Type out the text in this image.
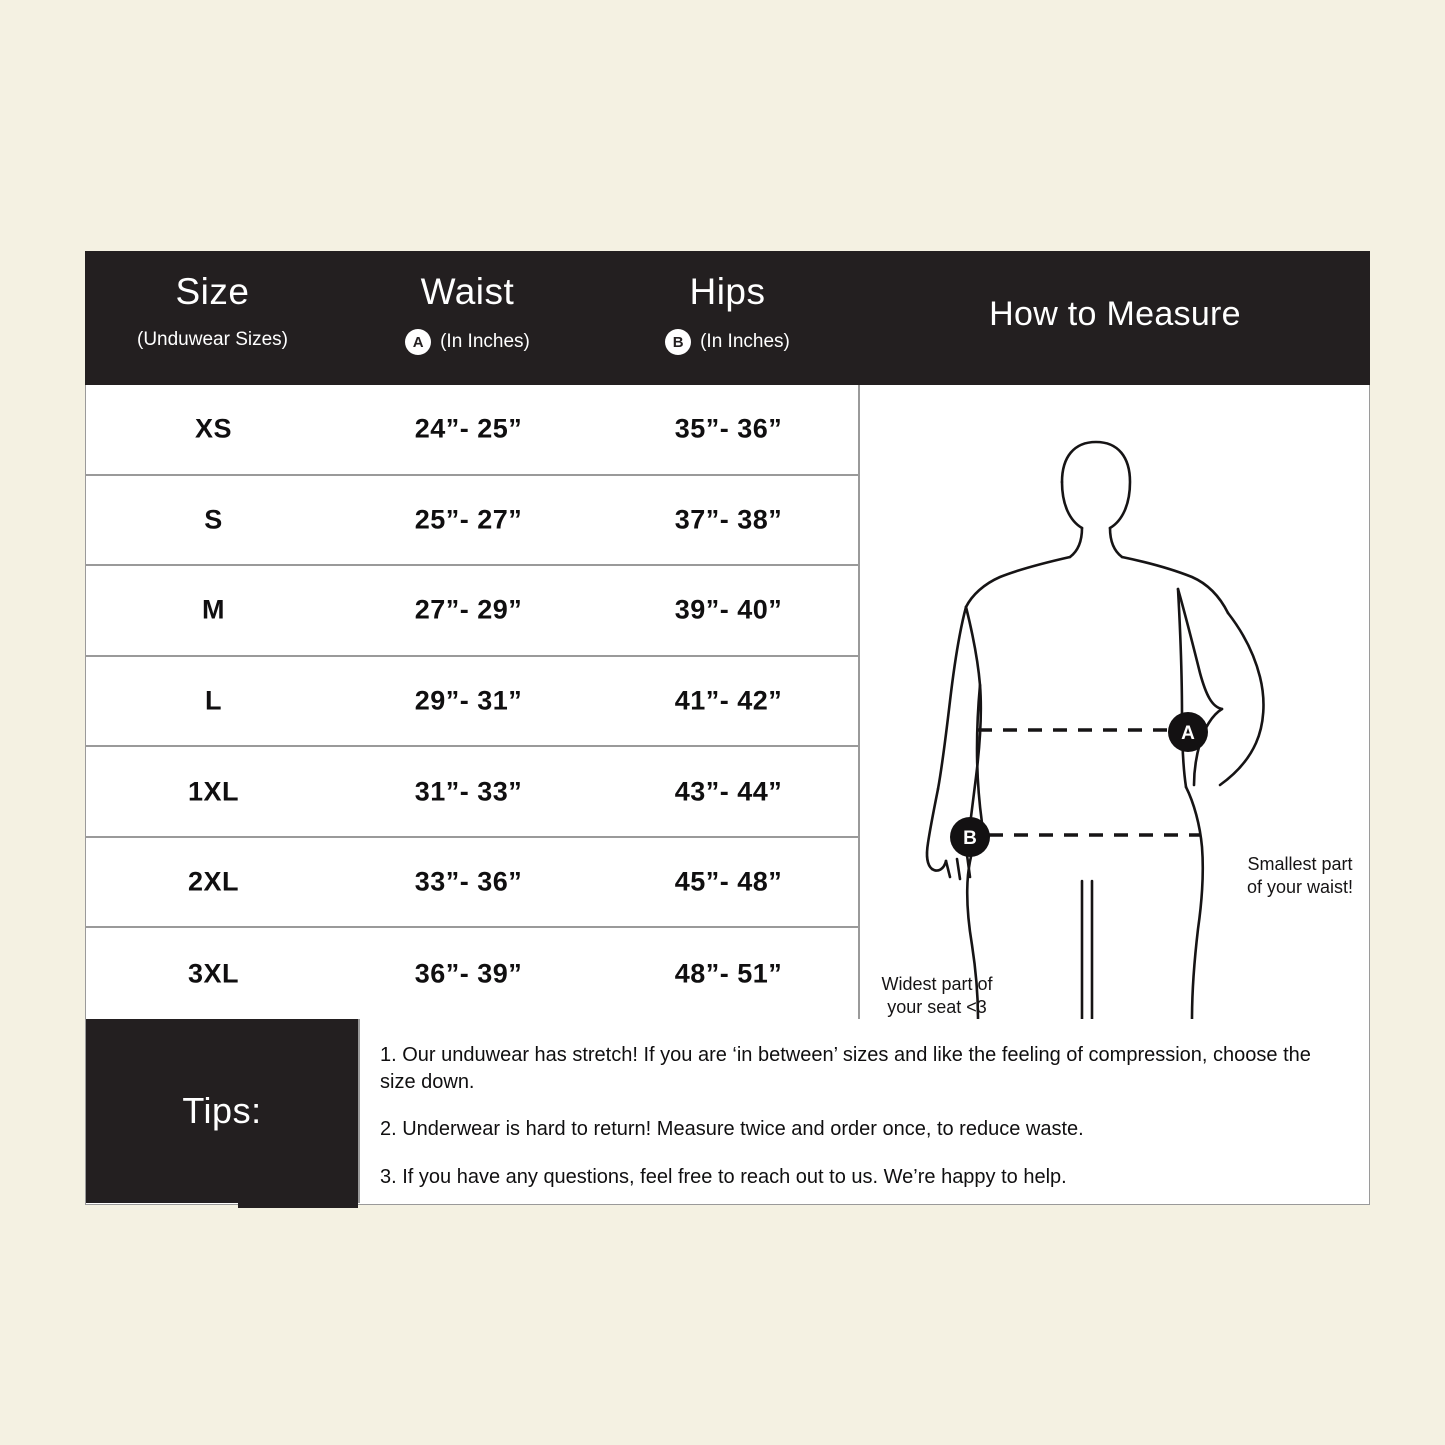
Size
(Unduwear Sizes)
Waist
A (In Inches)
Hips
B (In Inches)
How to Measure
XS	24”- 25”	35”- 36”
S	25”- 27”	37”- 38”
M	27”- 29”	39”- 40”
L	29”- 31”	41”- 42”
1XL	31”- 33”	43”- 44”
2XL	33”- 36”	45”- 48”
3XL	36”- 39”	48”- 51”
A
B
Smallest part of your waist!
Widest part of your seat <3
Tips:
1. Our unduwear has stretch! If you are ‘in between’ sizes and like the feeling of compression, choose the size down.
2. Underwear is hard to return! Measure twice and order once, to reduce waste.
3. If you have any questions, feel free to reach out to us. We’re happy to help.
